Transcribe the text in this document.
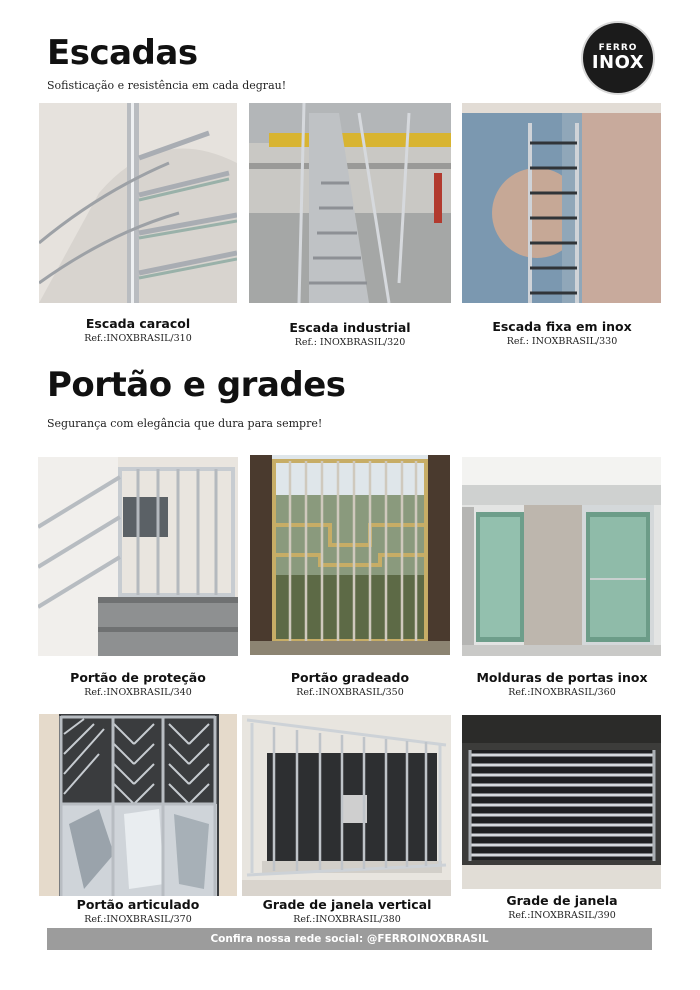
Escadas
Sofisticação e resistência em cada degrau!
FERRO
INOX
Escada caracol
Ref.:INOXBRASIL/310
Escada industrial
Ref.: INOXBRASIL/320
Escada fixa em inox
Ref.: INOXBRASIL/330
Portão e grades
Segurança com elegância que dura para sempre!
Portão de proteção
Ref.:INOXBRASIL/340
Portão gradeado
Ref.:INOXBRASIL/350
Molduras de portas inox
Ref.:INOXBRASIL/360
Portão articulado
Ref.:INOXBRASIL/370
Grade de janela vertical
Ref.:INOXBRASIL/380
Grade de janela
Ref.:INOXBRASIL/390
Confira nossa rede social: @FERROINOXBRASIL
